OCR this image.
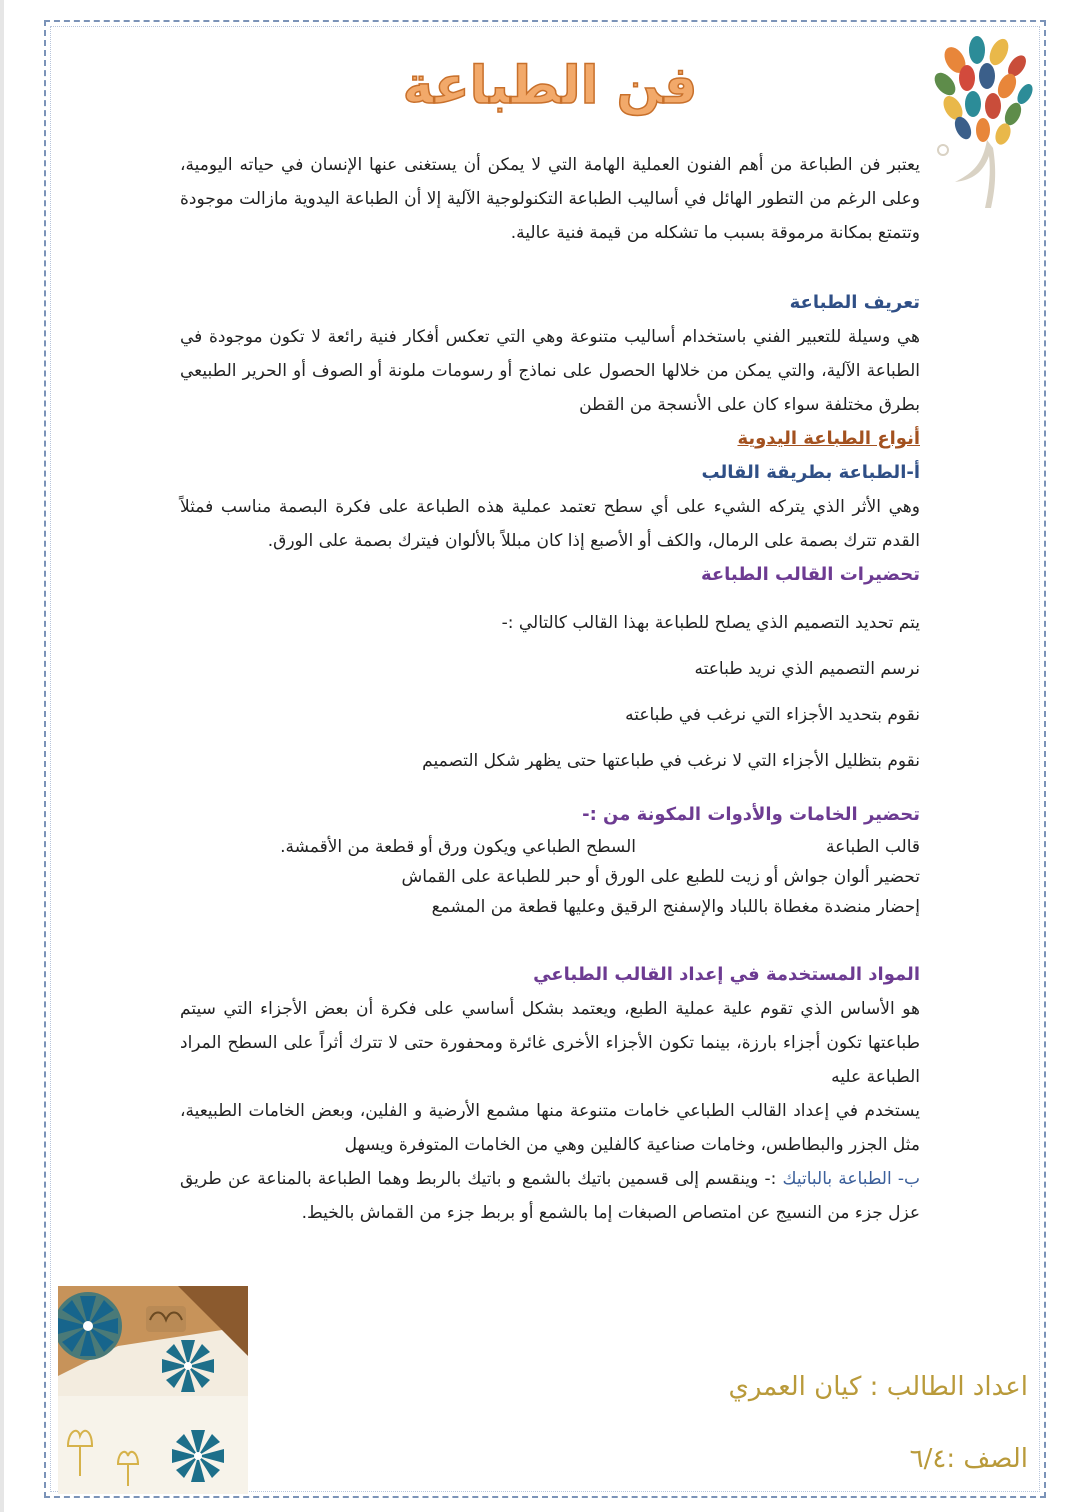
فن الطباعة

يعتبر فن الطباعة من أهم الفنون العملية الهامة التي لا يمكن أن يستغنى عنها الإنسان في حياته اليومية، وعلى الرغم من التطور الهائل في أساليب الطباعة التكنولوجية الآلية إلا أن الطباعة اليدوية مازالت موجودة وتتمتع بمكانة مرموقة بسبب ما تشكله من قيمة فنية عالية.

تعريف الطباعة

هي وسيلة للتعبير الفني باستخدام أساليب متنوعة وهي التي تعكس أفكار فنية رائعة لا تكون موجودة في الطباعة الآلية، والتي يمكن من خلالها الحصول على نماذج أو رسومات ملونة أو الصوف أو الحرير الطبيعي بطرق مختلفة سواء كان على الأنسجة من القطن

أنواع الطباعة اليدوية

أ-الطباعة بطريقة القالب

وهي الأثر الذي يتركه الشيء على أي سطح تعتمد عملية هذه الطباعة على فكرة البصمة مناسب فمثلاً القدم تترك بصمة على الرمال، والكف أو الأصبع إذا كان مبللاً بالألوان فيترك بصمة على الورق.

تحضيرات القالب الطباعة

يتم تحديد التصميم الذي يصلح للطباعة بهذا القالب كالتالي :-

نرسم التصميم الذي نريد طباعته

نقوم بتحديد الأجزاء التي نرغب في طباعته

نقوم بتظليل الأجزاء التي لا نرغب في طباعتها حتى يظهر شكل التصميم

تحضير الخامات والأدوات المكونة من :-

قالب الطباعة
السطح الطباعي ويكون ورق أو قطعة من الأقمشة.

تحضير ألوان جواش أو زيت للطبع على الورق أو حبر للطباعة على القماش

إحضار منضدة مغطاة باللباد والإسفنج الرقيق وعليها قطعة من المشمع

المواد المستخدمة في إعداد القالب الطباعي

هو الأساس الذي تقوم علية عملية الطبع، ويعتمد بشكل أساسي على فكرة أن بعض الأجزاء التي سيتم طباعتها تكون أجزاء بارزة، بينما تكون الأجزاء الأخرى غائرة ومحفورة حتى لا تترك أثراً على السطح المراد الطباعة عليه

يستخدم في إعداد القالب الطباعي خامات متنوعة منها مشمع الأرضية و الفلين، وبعض الخامات الطبيعية، مثل الجزر والبطاطس، وخامات صناعية كالفلين وهي من الخامات المتوفرة ويسهل

ب- الطباعة بالباتيك :- وينقسم إلى قسمين باتيك بالشمع و باتيك بالربط وهما الطباعة بالمناعة عن طريق عزل جزء من النسيج عن امتصاص الصبغات إما بالشمع أو بربط جزء من القماش بالخيط.

اعداد الطالب : كيان العمري
الصف :٦/٤
